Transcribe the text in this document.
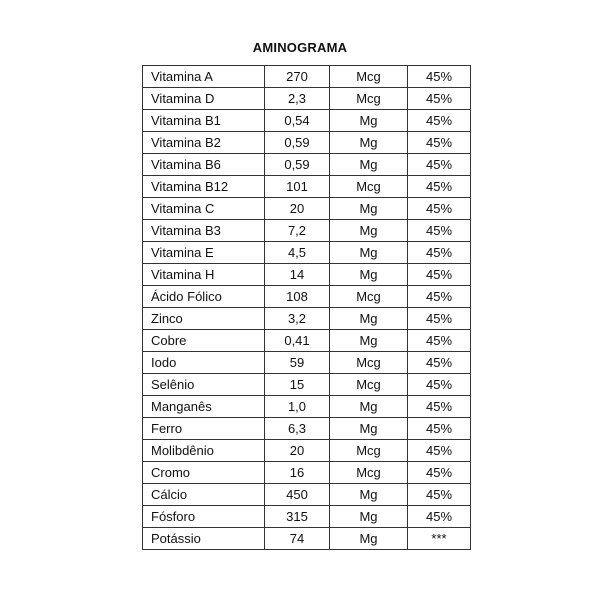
AMINOGRAMA
Vitamina A	270	Mcg	45%
Vitamina D	2,3	Mcg	45%
Vitamina B1	0,54	Mg	45%
Vitamina B2	0,59	Mg	45%
Vitamina B6	0,59	Mg	45%
Vitamina B12	101	Mcg	45%
Vitamina C	20	Mg	45%
Vitamina B3	7,2	Mg	45%
Vitamina E	4,5	Mg	45%
Vitamina H	14	Mg	45%
Ácido Fólico	108	Mcg	45%
Zinco	3,2	Mg	45%
Cobre	0,41	Mg	45%
Iodo	59	Mcg	45%
Selênio	15	Mcg	45%
Manganês	1,0	Mg	45%
Ferro	6,3	Mg	45%
Molibdênio	20	Mcg	45%
Cromo	16	Mcg	45%
Cálcio	450	Mg	45%
Fósforo	315	Mg	45%
Potássio	74	Mg	***
